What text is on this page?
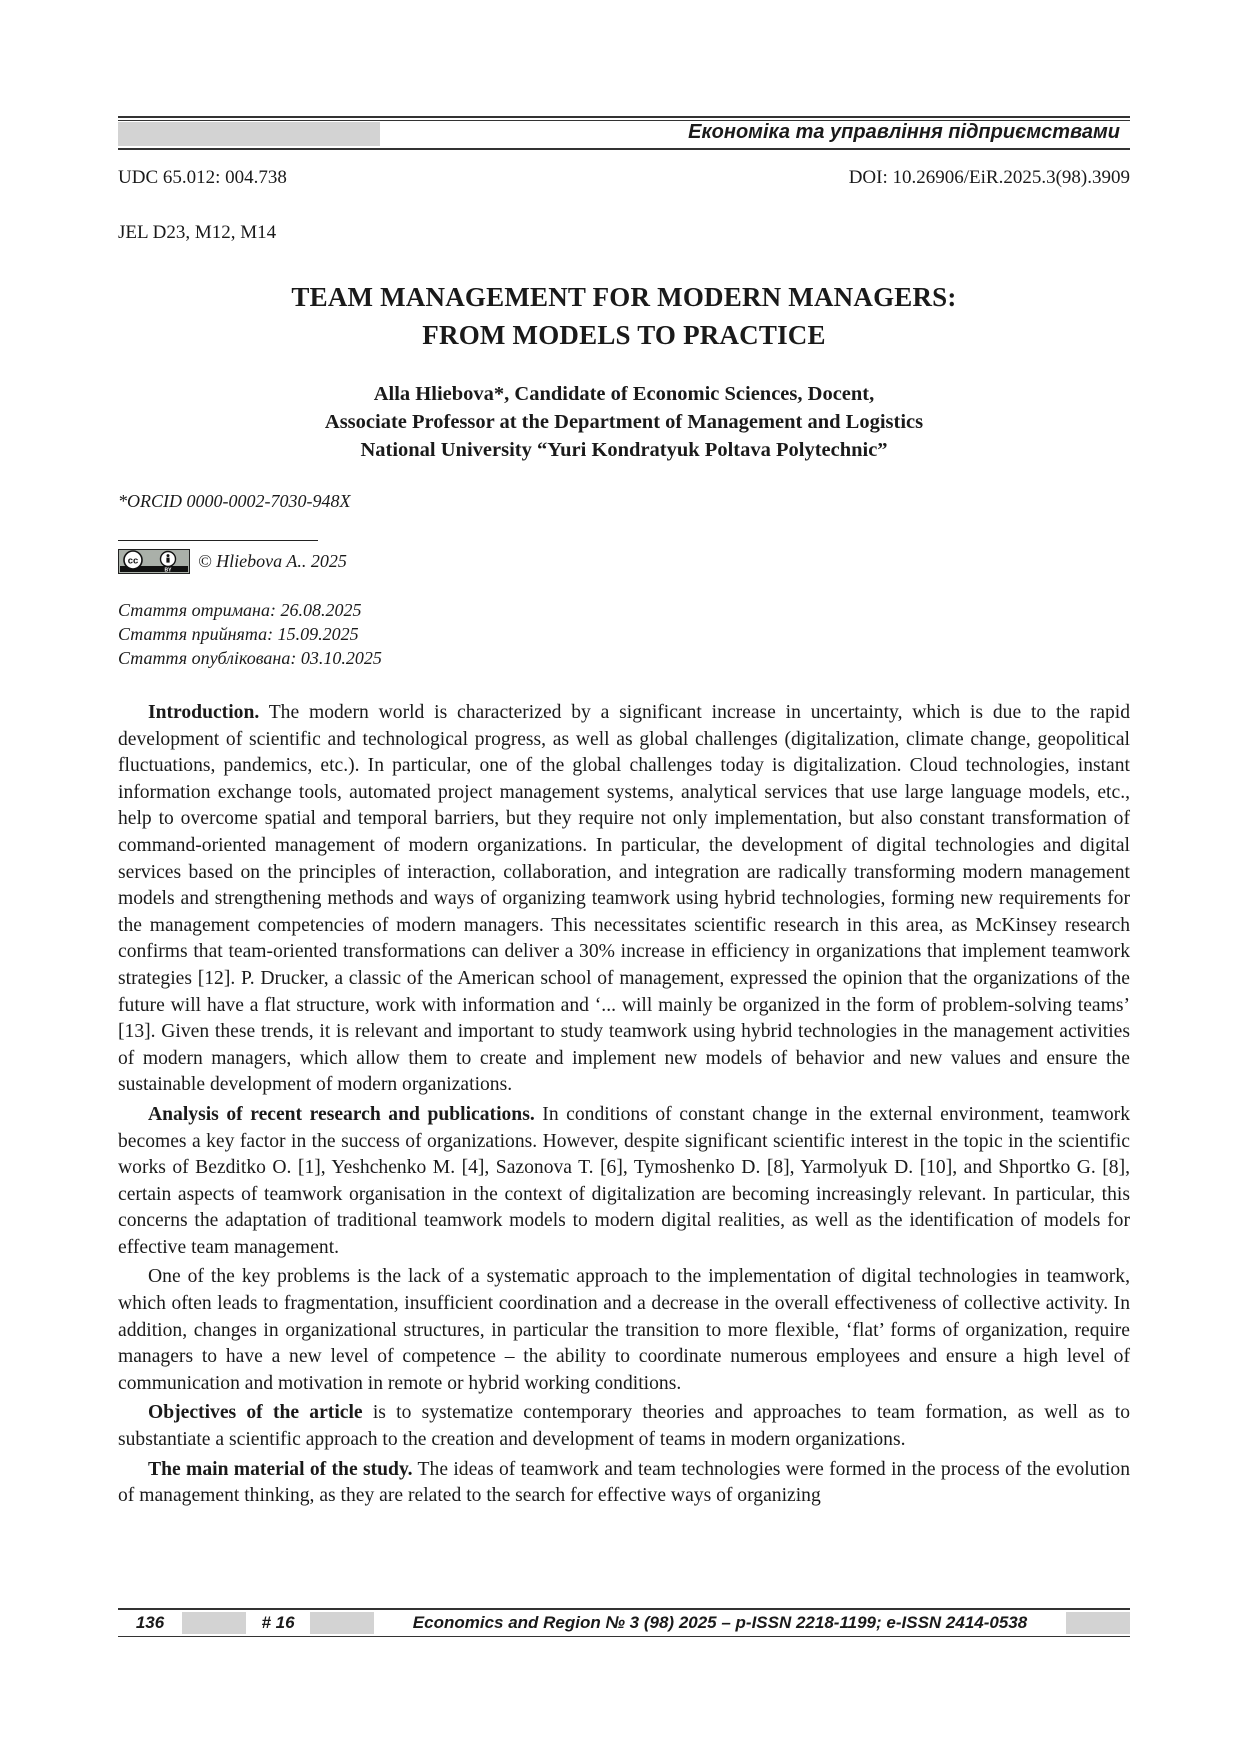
Економіка та управління підприємствами
UDC 65.012: 004.738	DOI: 10.26906/EiR.2025.3(98).3909
JEL D23, M12, M14
TEAM MANAGEMENT FOR MODERN MANAGERS:
FROM MODELS TO PRACTICE
Alla Hliebova*, Candidate of Economic Sciences, Docent,
Associate Professor at the Department of Management and Logistics
National University “Yuri Kondratyuk Poltava Polytechnic”
*ORCID 0000-0002-7030-948X
cc
BY © Hliebova A.. 2025
Стаття отримана: 26.08.2025
Стаття прийнята: 15.09.2025
Стаття опублікована: 03.10.2025

Introduction. The modern world is characterized by a significant increase in uncertainty, which is due to the rapid development of scientific and technological progress, as well as global challenges (digitalization, climate change, geopolitical fluctuations, pandemics, etc.). In particular, one of the global challenges today is digitalization. Cloud technologies, instant information exchange tools, automated project management systems, analytical services that use large language models, etc., help to overcome spatial and temporal barriers, but they require not only implementation, but also constant transformation of command-oriented management of modern organizations. In particular, the development of digital technologies and digital services based on the principles of interaction, collaboration, and integration are radically transforming modern management models and strengthening methods and ways of organizing teamwork using hybrid technologies, forming new requirements for the management competencies of modern managers. This necessitates scientific research in this area, as McKinsey research confirms that team-oriented transformations can deliver a 30% increase in efficiency in organizations that implement teamwork strategies [12]. P. Drucker, a classic of the American school of management, expressed the opinion that the organizations of the future will have a flat structure, work with information and ‘... will mainly be organized in the form of problem-solving teams’ [13]. Given these trends, it is relevant and important to study teamwork using hybrid technologies in the management activities of modern managers, which allow them to create and implement new models of behavior and new values and ensure the sustainable development of modern organizations.

Analysis of recent research and publications. In conditions of constant change in the external environment, teamwork becomes a key factor in the success of organizations. However, despite significant scientific interest in the topic in the scientific works of Bezditko O. [1], Yeshchenko M. [4], Sazonova T. [6], Tymoshenko D. [8], Yarmolyuk D. [10], and Shportko G. [8], certain aspects of teamwork organisation in the context of digitalization are becoming increasingly relevant. In particular, this concerns the adaptation of traditional teamwork models to modern digital realities, as well as the identification of models for effective team management.

One of the key problems is the lack of a systematic approach to the implementation of digital technologies in teamwork, which often leads to fragmentation, insufficient coordination and a decrease in the overall effectiveness of collective activity. In addition, changes in organizational structures, in particular the transition to more flexible, ‘flat’ forms of organization, require managers to have a new level of competence – the ability to coordinate numerous employees and ensure a high level of communication and motivation in remote or hybrid working conditions.

Objectives of the article is to systematize contemporary theories and approaches to team formation, as well as to substantiate a scientific approach to the creation and development of teams in modern organizations.

The main material of the study. The ideas of teamwork and team technologies were formed in the process of the evolution of management thinking, as they are related to the search for effective ways of organizing

136	# 16	Economics and Region № 3 (98) 2025 – p-ISSN 2218-1199; e-ISSN 2414-0538
